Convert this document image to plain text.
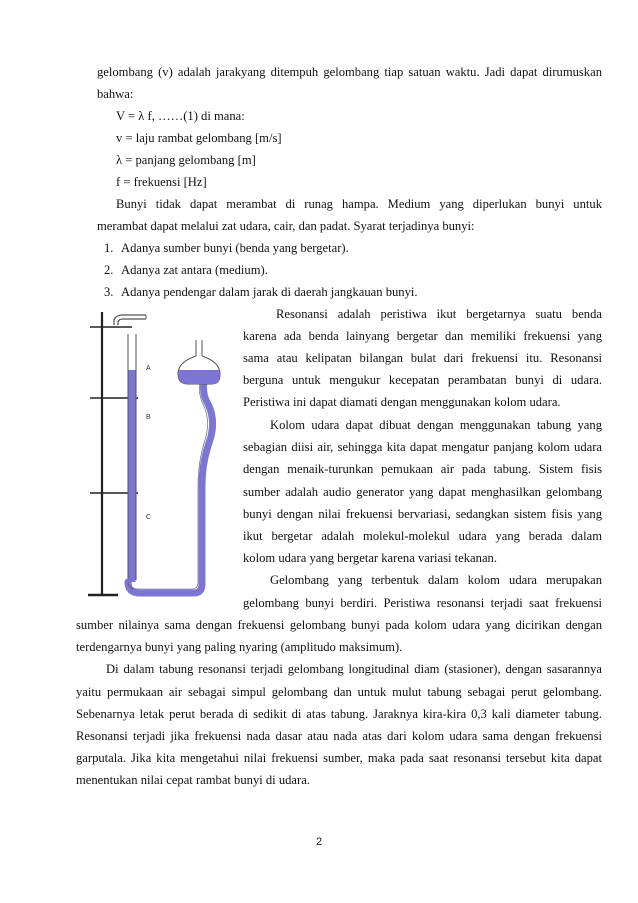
gelombang (v) adalah jarakyang ditempuh gelombang tiap satuan waktu. Jadi dapat dirumuskan
bahwa:
V = λ f, ……(1) di mana:
v = laju rambat gelombang [m/s]
λ = panjang gelombang [m]
f = frekuensi [Hz]
Bunyi tidak dapat merambat di runag hampa. Medium yang diperlukan bunyi untuk
merambat dapat melalui zat udara, cair, dan padat. Syarat terjadinya bunyi:
1. Adanya sumber bunyi (benda yang bergetar).
2. Adanya zat antara (medium).
3. Adanya pendengar dalam jarak di daerah jangkauan bunyi.
A
B
C
Resonansi adalah peristiwa ikut bergetarnya suatu benda
karena ada benda lainyang bergetar dan memiliki frekuensi yang
sama atau kelipatan bilangan bulat dari frekuensi itu. Resonansi
berguna untuk mengukur kecepatan perambatan bunyi di udara.
Peristiwa ini dapat diamati dengan menggunakan kolom udara.
Kolom udara dapat dibuat dengan menggunakan tabung yang
sebagian diisi air, sehingga kita dapat mengatur panjang kolom udara
dengan menaik-turunkan pemukaan air pada tabung. Sistem fisis
sumber adalah audio generator yang dapat menghasilkan gelombang
bunyi dengan nilai frekuensi bervariasi, sedangkan sistem fisis yang
ikut bergetar adalah molekul-molekul udara yang berada dalam
kolom udara yang bergetar karena variasi tekanan.
Gelombang yang terbentuk dalam kolom udara merupakan
gelombang bunyi berdiri. Peristiwa resonansi terjadi saat frekuensi
sumber nilainya sama dengan frekuensi gelombang bunyi pada kolom udara yang dicirikan dengan
terdengarnya bunyi yang paling nyaring (amplitudo maksimum).
Di dalam tabung resonansi terjadi gelombang longitudinal diam (stasioner), dengan sasarannya
yaitu permukaan air sebagai simpul gelombang dan untuk mulut tabung sebagai perut gelombang.
Sebenarnya letak perut berada di sedikit di atas tabung. Jaraknya kira-kira 0,3 kali diameter tabung.
Resonansi terjadi jika frekuensi nada dasar atau nada atas dari kolom udara sama dengan frekuensi
garputala. Jika kita mengetahui nilai frekuensi sumber, maka pada saat resonansi tersebut kita dapat
menentukan nilai cepat rambat bunyi di udara.
2
